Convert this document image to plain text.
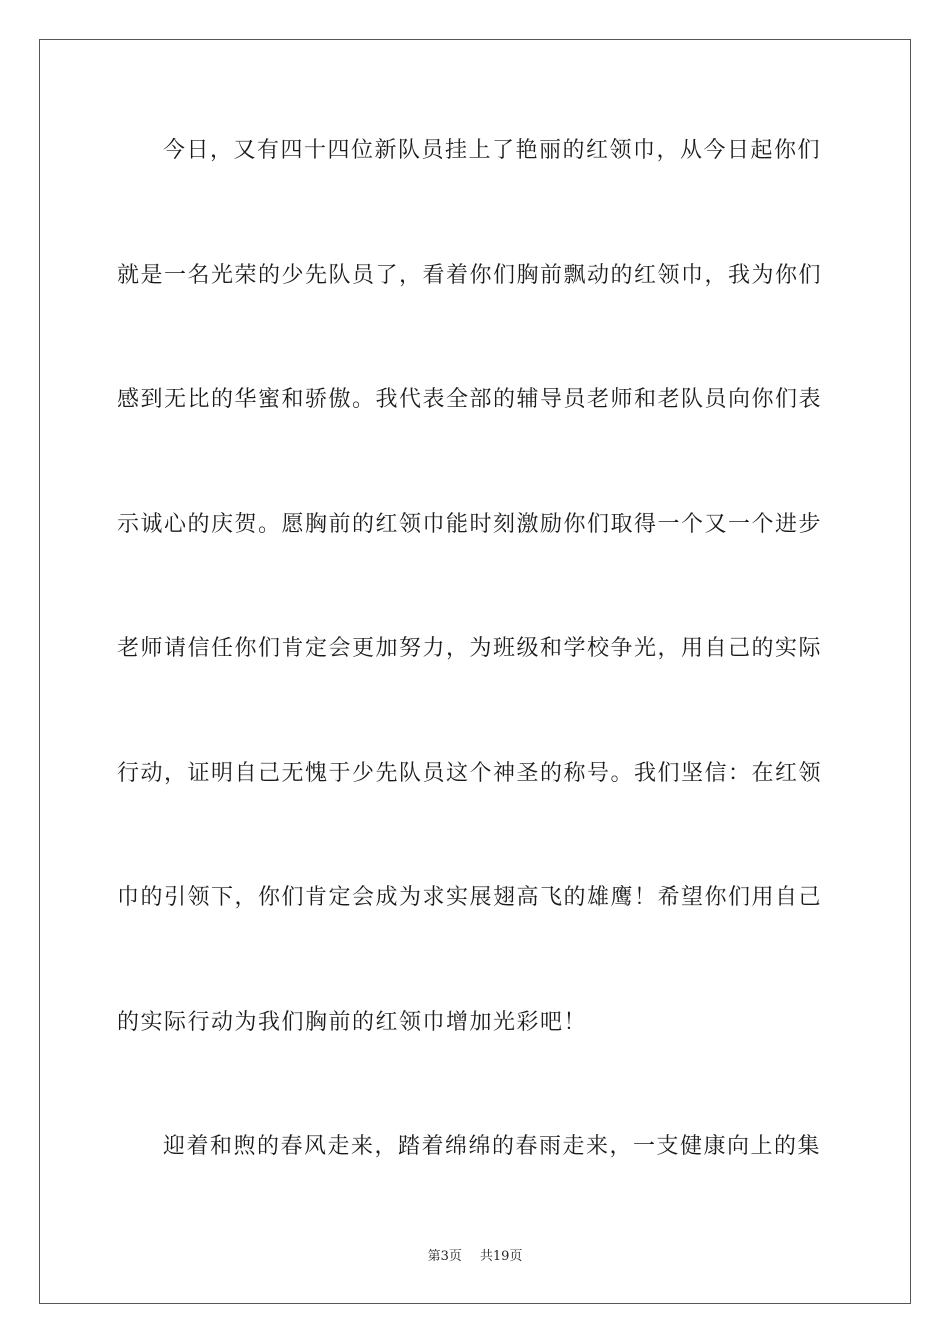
今日，又有四十四位新队员挂上了艳丽的红领巾，从今日起你们
就是一名光荣的少先队员了，看着你们胸前飘动的红领巾，我为你们
感到无比的华蜜和骄傲。我代表全部的辅导员老师和老队员向你们表
示诚心的庆贺。愿胸前的红领巾能时刻激励你们取得一个又一个进步
老师请信任你们肯定会更加努力，为班级和学校争光，用自己的实际
行动，证明自己无愧于少先队员这个神圣的称号。我们坚信：在红领
巾的引领下，你们肯定会成为求实展翅高飞的雄鹰！希望你们用自己
的实际行动为我们胸前的红领巾增加光彩吧！
迎着和煦的春风走来，踏着绵绵的春雨走来，一支健康向上的集
第3页 共19页
